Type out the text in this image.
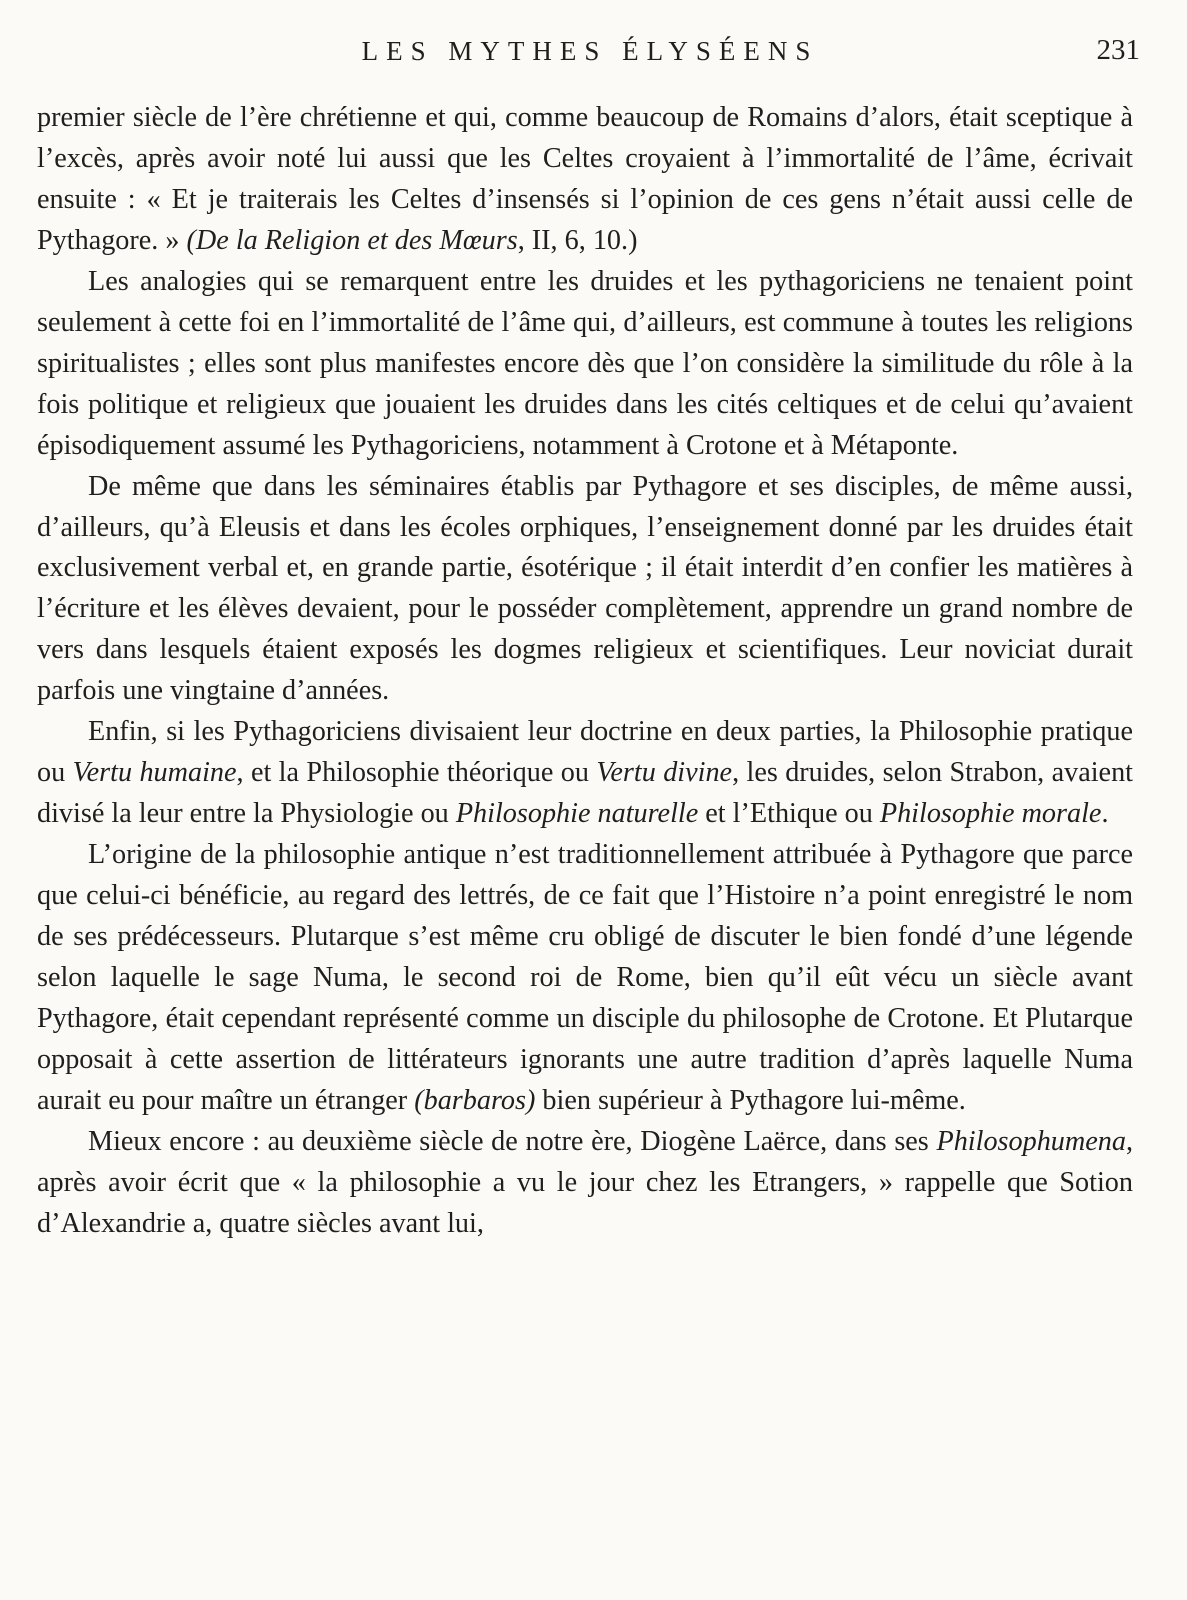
LES MYTHES ÉLYSÉENS	231

premier siècle de l’ère chrétienne et qui, comme beaucoup de Romains d’alors, était sceptique à l’excès, après avoir noté lui aussi que les Celtes croyaient à l’immortalité de l’âme, écrivait ensuite : « Et je traiterais les Celtes d’insensés si l’opinion de ces gens n’était aussi celle de Pythagore. » (De la Religion et des Mœurs, II, 6, 10.)

Les analogies qui se remarquent entre les druides et les pythagoriciens ne tenaient point seulement à cette foi en l’immortalité de l’âme qui, d’ailleurs, est commune à toutes les religions spiritualistes ; elles sont plus manifestes encore dès que l’on considère la similitude du rôle à la fois politique et religieux que jouaient les druides dans les cités celtiques et de celui qu’avaient épisodiquement assumé les Pythagoriciens, notamment à Crotone et à Métaponte.

De même que dans les séminaires établis par Pythagore et ses disciples, de même aussi, d’ailleurs, qu’à Eleusis et dans les écoles orphiques, l’enseignement donné par les druides était exclusivement verbal et, en grande partie, ésotérique ; il était interdit d’en confier les matières à l’écriture et les élèves devaient, pour le posséder complètement, apprendre un grand nombre de vers dans lesquels étaient exposés les dogmes religieux et scientifiques. Leur noviciat durait parfois une vingtaine d’années.

Enfin, si les Pythagoriciens divisaient leur doctrine en deux parties, la Philosophie pratique ou Vertu humaine, et la Philosophie théorique ou Vertu divine, les druides, selon Strabon, avaient divisé la leur entre la Physiologie ou Philosophie naturelle et l’Ethique ou Philosophie morale.

L’origine de la philosophie antique n’est traditionnellement attribuée à Pythagore que parce que celui-ci bénéficie, au regard des lettrés, de ce fait que l’Histoire n’a point enregistré le nom de ses prédécesseurs. Plutarque s’est même cru obligé de discuter le bien fondé d’une légende selon laquelle le sage Numa, le second roi de Rome, bien qu’il eût vécu un siècle avant Pythagore, était cependant représenté comme un disciple du philosophe de Crotone. Et Plutarque opposait à cette assertion de littérateurs ignorants une autre tradition d’après laquelle Numa aurait eu pour maître un étranger (barbaros) bien supérieur à Pythagore lui-même.

Mieux encore : au deuxième siècle de notre ère, Diogène Laërce, dans ses Philosophumena, après avoir écrit que « la philosophie a vu le jour chez les Etrangers, » rappelle que Sotion d’Alexandrie a, quatre siècles avant lui,
